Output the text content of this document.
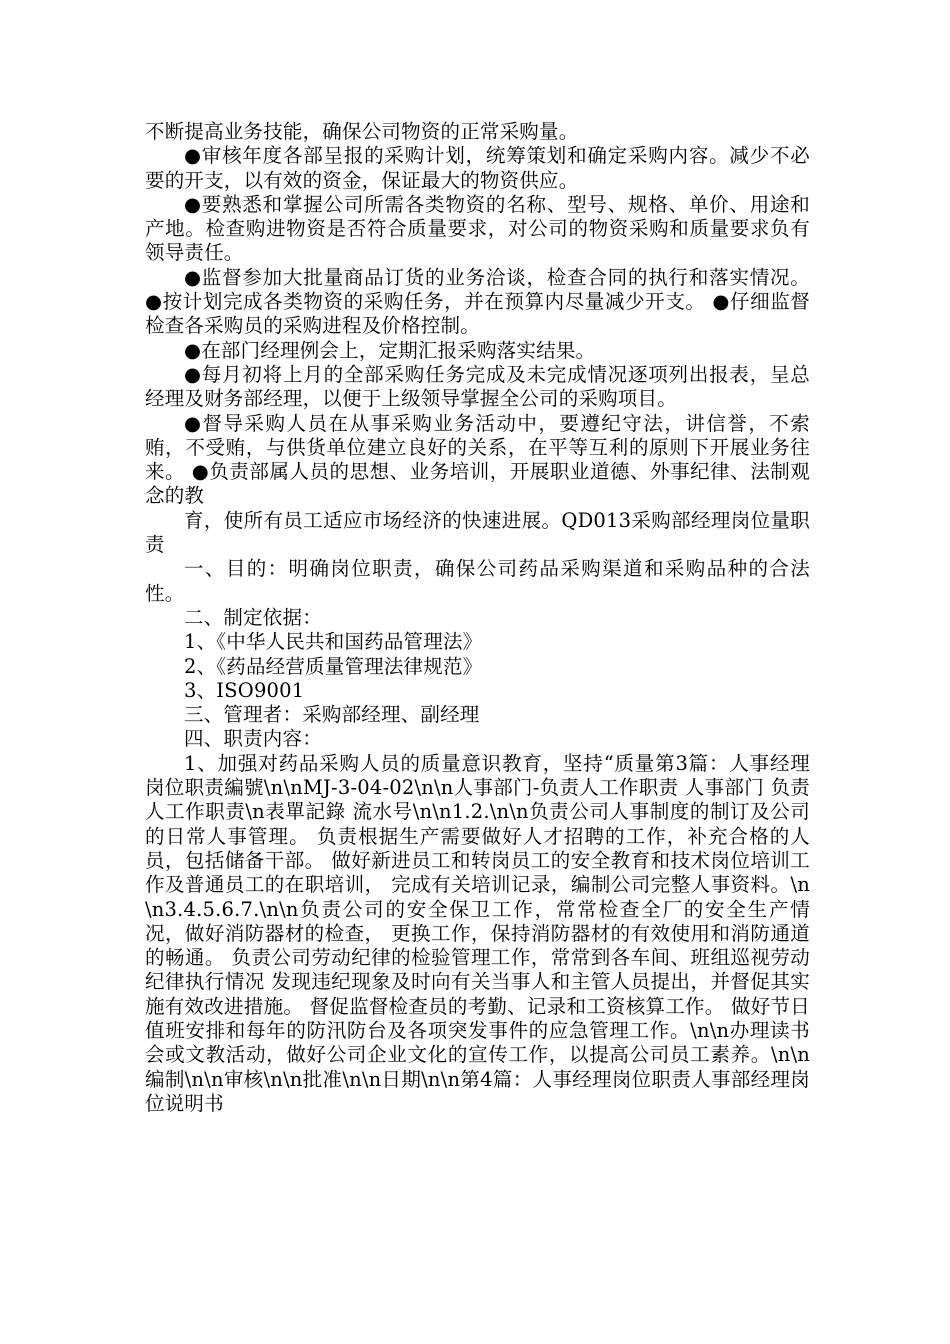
不断提高业务技能，确保公司物资的正常采购量。

●审核年度各部呈报的采购计划，统筹策划和确定采购内容。减少不必要的开支，以有效的资金，保证最大的物资供应。

●要熟悉和掌握公司所需各类物资的名称、型号、规格、单价、用途和产地。检查购进物资是否符合质量要求，对公司的物资采购和质量要求负有领导责任。

●监督参加大批量商品订货的业务洽谈，检查合同的执行和落实情况。 ●按计划完成各类物资的采购任务，并在预算内尽量减少开支。 ●仔细监督检查各采购员的采购进程及价格控制。

●在部门经理例会上，定期汇报采购落实结果。

●每月初将上月的全部采购任务完成及未完成情况逐项列出报表，呈总经理及财务部经理，以便于上级领导掌握全公司的采购项目。

●督导采购人员在从事采购业务活动中，要遵纪守法，讲信誉，不索贿，不受贿，与供货单位建立良好的关系，在平等互利的原则下开展业务往来。 ●负责部属人员的思想、业务培训，开展职业道德、外事纪律、法制观念的教

育，使所有员工适应市场经济的快速进展。QD013采购部经理岗位量职责

一、目的：明确岗位职责，确保公司药品采购渠道和采购品种的合法性。

二、制定依据：

1、《中华人民共和国药品管理法》

2、《药品经营质量管理法律规范》

3、ISO9001

三、管理者：采购部经理、副经理

四、职责内容：

1、加强对药品采购人员的质量意识教育，坚持“质量第3篇：人事经理岗位职责編號\n\nMJ-3-04-02\n\n人事部门-负责人工作职责 人事部门 负责人工作职责\n表單記錄 流水号\n\n1.2.\n\n负责公司人事制度的制订及公司的日常人事管理。 负责根据生产需要做好人才招聘的工作，补充合格的人员，包括储备干部。 做好新进员工和转岗员工的安全教育和技术岗位培训工作及普通员工的在职培训， 完成有关培训记录，编制公司完整人事资料。\n\n3.4.5.6.7.\n\n负责公司的安全保卫工作，常常检查全厂的安全生产情况，做好消防器材的检查， 更换工作，保持消防器材的有效使用和消防通道的畅通。 负责公司劳动纪律的检验管理工作，常常到各车间、班组巡视劳动纪律执行情况 发现违纪现象及时向有关当事人和主管人员提出，并督促其实施有效改进措施。 督促监督检查员的考勤、记录和工资核算工作。 做好节日值班安排和每年的防汛防台及各项突发事件的应急管理工作。\n\n办理读书会或文教活动，做好公司企业文化的宣传工作，以提高公司员工素养。\n\n编制\n\n审核\n\n批准\n\n日期\n\n第4篇：人事经理岗位职责人事部经理岗位说明书
